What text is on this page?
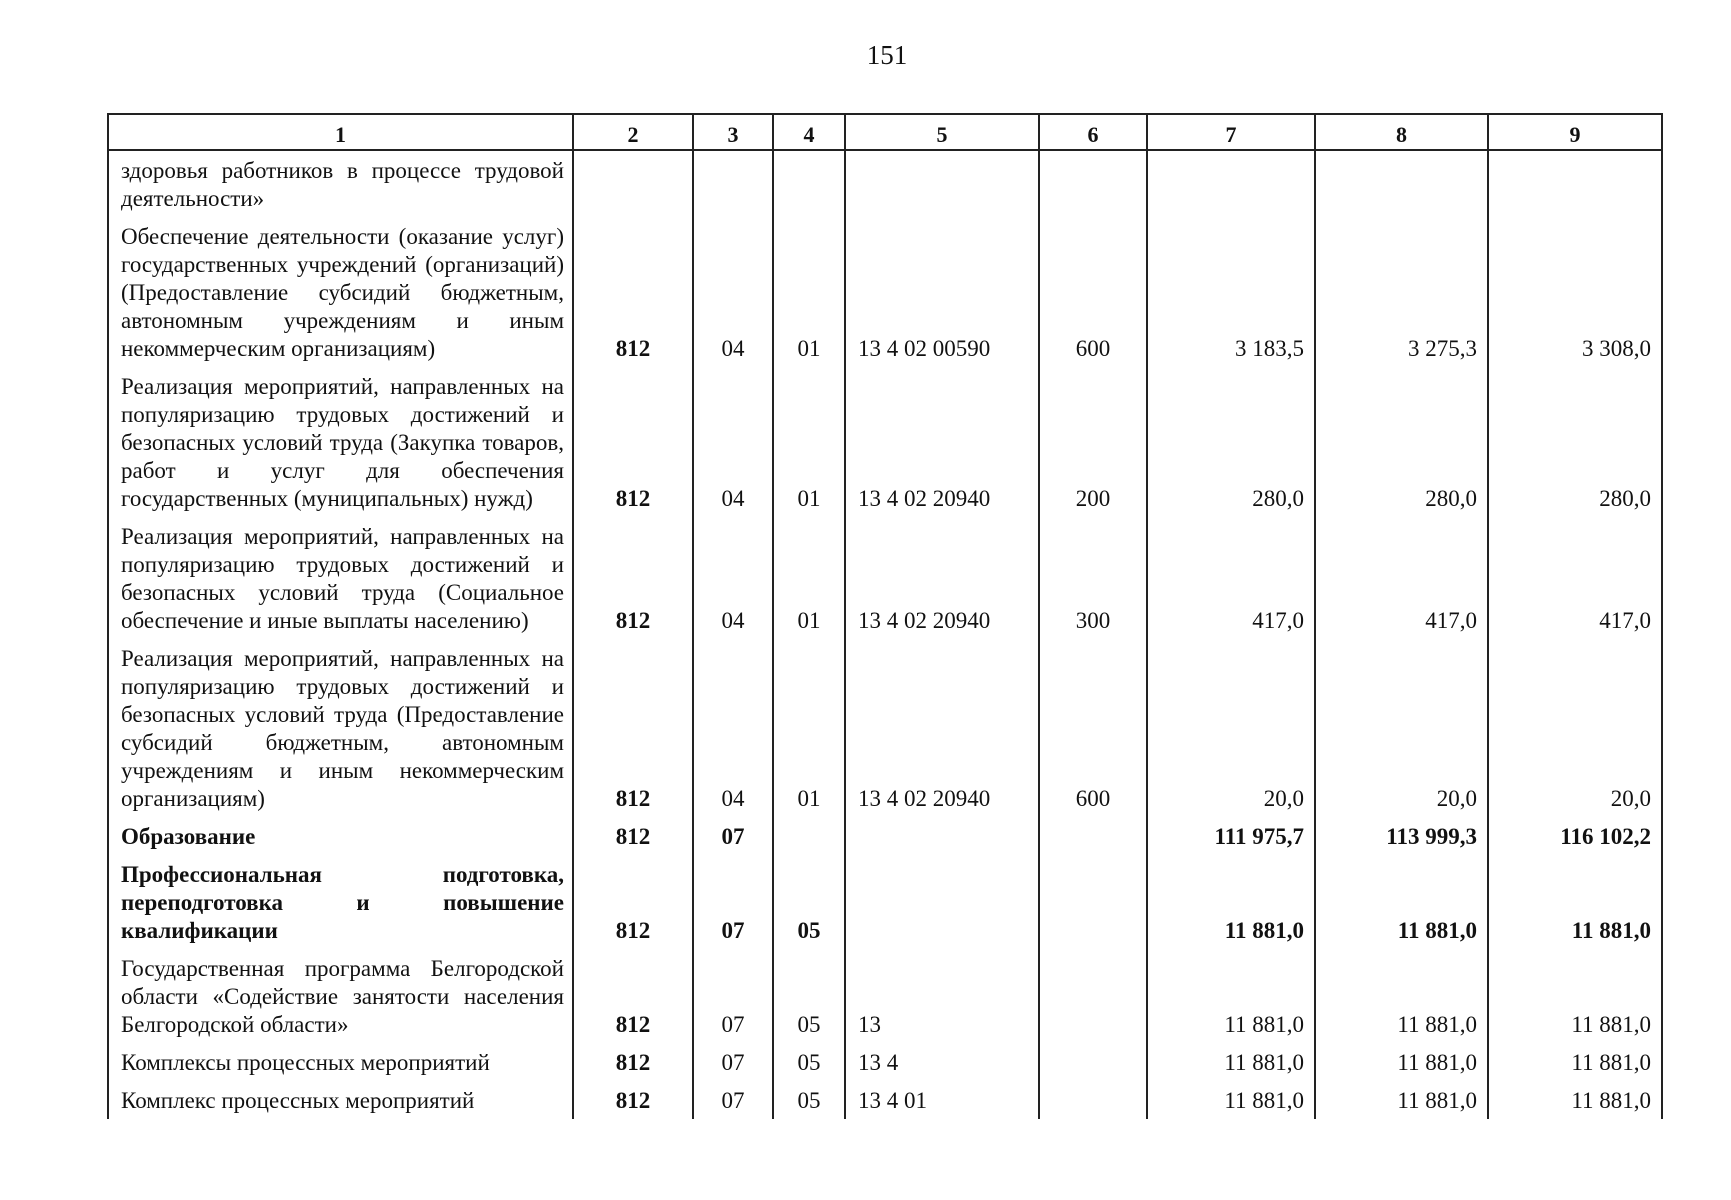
151
1	2	3	4	5	6	7	8	9
здоровья работников в процессе трудовой деятельности»								
Обеспечение деятельности (оказание услуг) государственных учреждений (организаций) (Предоставление субсидий бюджетным, автономным учреждениям и иным некоммерческим организациям)	812	04	01	13 4 02 00590	600	3 183,5	3 275,3	3 308,0
Реализация мероприятий, направленных на популяризацию трудовых достижений и безопасных условий труда (Закупка товаров, работ и услуг для обеспечения государственных (муниципальных) нужд)	812	04	01	13 4 02 20940	200	280,0	280,0	280,0
Реализация мероприятий, направленных на популяризацию трудовых достижений и безопасных условий труда (Социальное обеспечение и иные выплаты населению)	812	04	01	13 4 02 20940	300	417,0	417,0	417,0
Реализация мероприятий, направленных на популяризацию трудовых достижений и безопасных условий труда (Предоставление субсидий бюджетным, автономным учреждениям и иным некоммерческим организациям)	812	04	01	13 4 02 20940	600	20,0	20,0	20,0
Образование	812	07				111 975,7	113 999,3	116 102,2
Профессиональная подготовка, переподготовка и повышение квалификации	812	07	05			11 881,0	11 881,0	11 881,0
Государственная программа Белгородской области «Содействие занятости населения Белгородской области»	812	07	05	13		11 881,0	11 881,0	11 881,0
Комплексы процессных мероприятий	812	07	05	13 4		11 881,0	11 881,0	11 881,0
Комплекс процессных мероприятий	812	07	05	13 4 01		11 881,0	11 881,0	11 881,0
